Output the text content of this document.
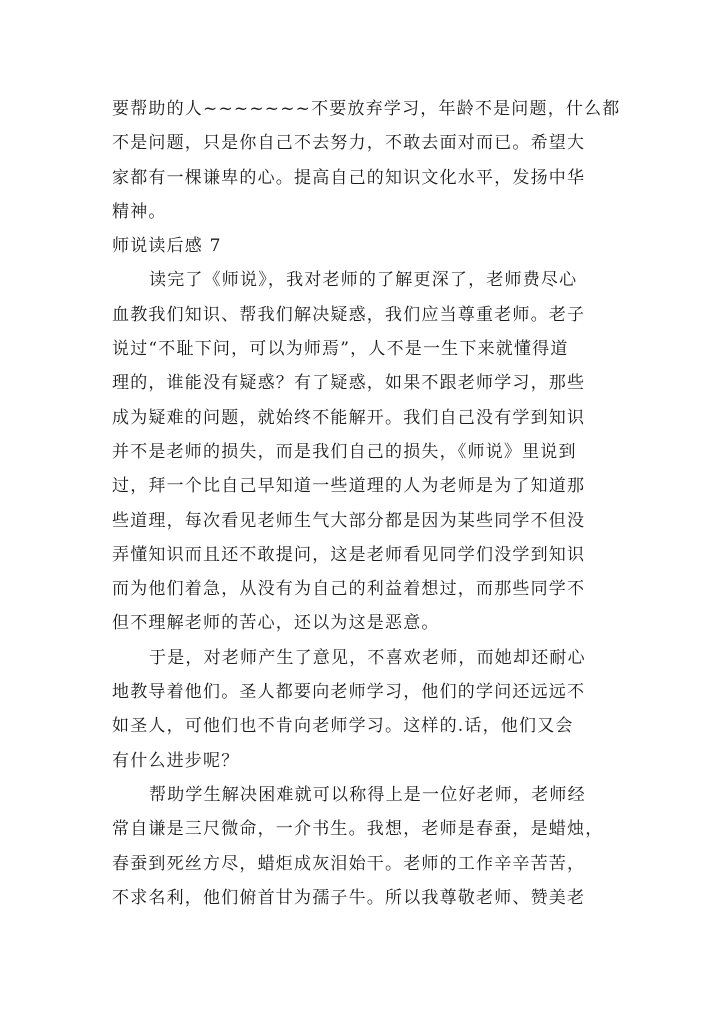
要帮助的人~~~~~~~不要放弃学习，年龄不是问题，什么都
不是问题，只是你自己不去努力，不敢去面对而已。希望大
家都有一棵谦卑的心。提高自己的知识文化水平，发扬中华
精神。
师说读后感 7
读完了《师说》，我对老师的了解更深了，老师费尽心
血教我们知识、帮我们解决疑惑，我们应当尊重老师。老子
说过“不耻下问，可以为师焉”，人不是一生下来就懂得道
理的，谁能没有疑惑？有了疑惑，如果不跟老师学习，那些
成为疑难的问题，就始终不能解开。我们自己没有学到知识
并不是老师的损失，而是我们自己的损失，《师说》里说到
过，拜一个比自己早知道一些道理的人为老师是为了知道那
些道理，每次看见老师生气大部分都是因为某些同学不但没
弄懂知识而且还不敢提问，这是老师看见同学们没学到知识
而为他们着急，从没有为自己的利益着想过，而那些同学不
但不理解老师的苦心，还以为这是恶意。
于是，对老师产生了意见，不喜欢老师，而她却还耐心
地教导着他们。圣人都要向老师学习，他们的学问还远远不
如圣人，可他们也不肯向老师学习。这样的.话，他们又会
有什么进步呢？
帮助学生解决困难就可以称得上是一位好老师，老师经
常自谦是三尺微命，一介书生。我想，老师是春蚕，是蜡烛，
春蚕到死丝方尽，蜡炬成灰泪始干。老师的工作辛辛苦苦，
不求名利，他们俯首甘为孺子牛。所以我尊敬老师、赞美老
